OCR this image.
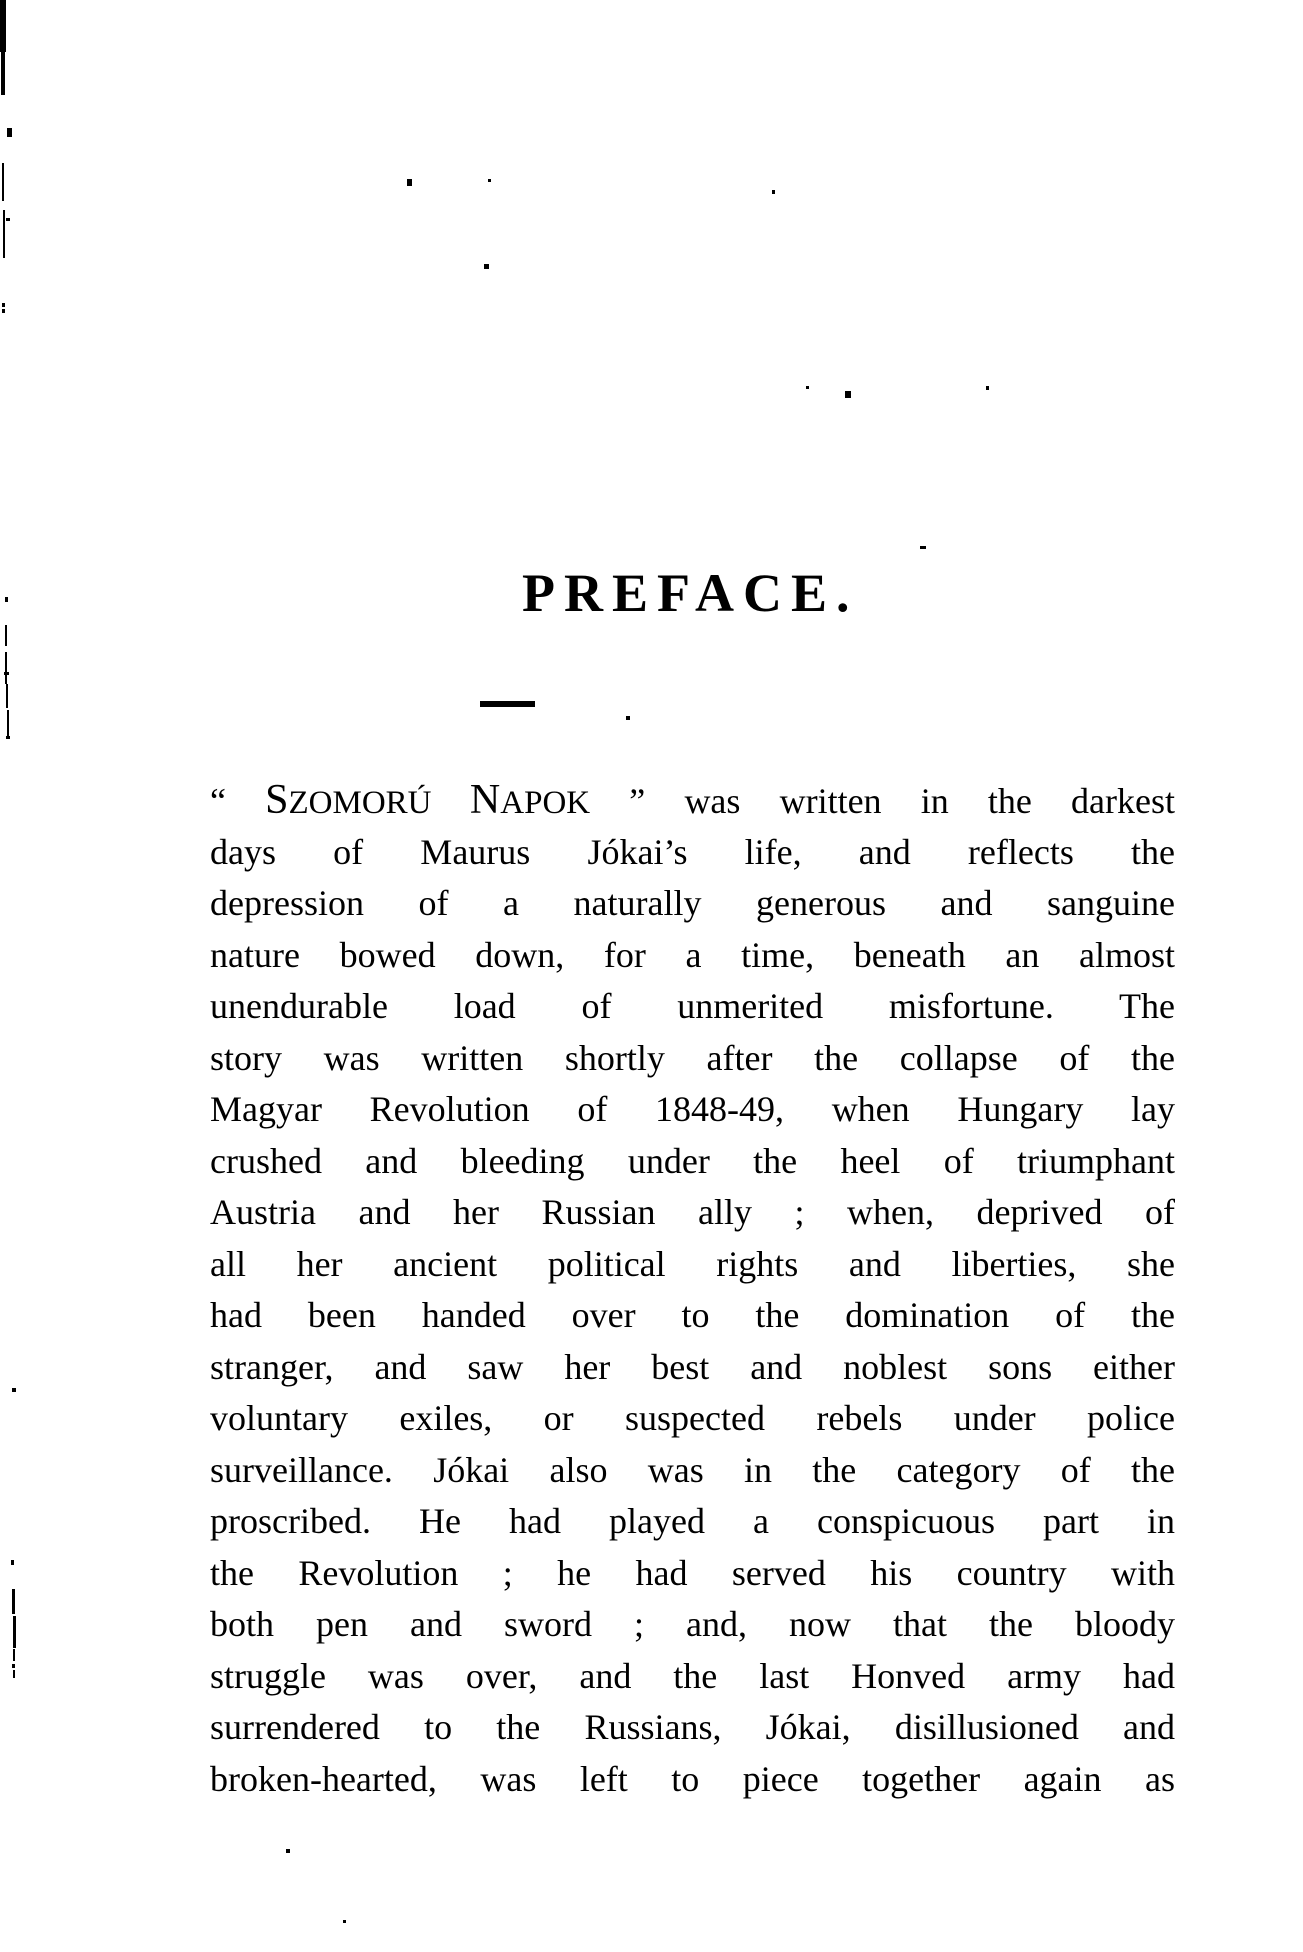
PREFACE.
“ SZOMORÚ NAPOK ” was written in the darkest
days of Maurus Jókai’s life, and reflects the
depression of a naturally generous and sanguine
nature bowed down, for a time, beneath an almost
unendurable load of unmerited misfortune. The
story was written shortly after the collapse of the
Magyar Revolution of 1848-49, when Hungary lay
crushed and bleeding under the heel of triumphant
Austria and her Russian ally ; when, deprived of
all her ancient political rights and liberties, she
had been handed over to the domination of the
stranger, and saw her best and noblest sons either
voluntary exiles, or suspected rebels under police
surveillance. Jókai also was in the category of the
proscribed. He had played a conspicuous part in
the Revolution ; he had served his country with
both pen and sword ; and, now that the bloody
struggle was over, and the last Honved army had
surrendered to the Russians, Jókai, disillusioned and
broken-hearted, was left to piece together again as
